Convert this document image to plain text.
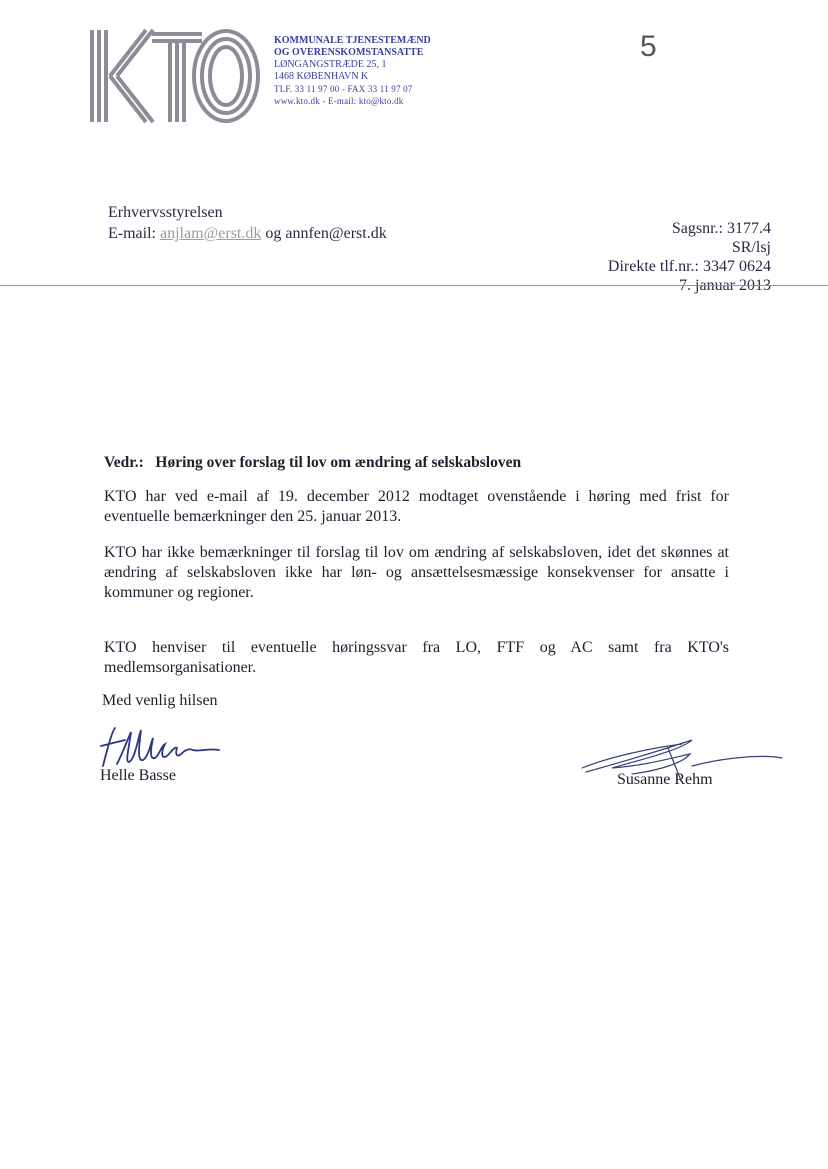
KOMMUNALE TJENESTEMÆND
OG OVERENSKOMSTANSATTE
LØNGANGSTRÆDE 25, 1
1468 KØBENHAVN K
TLF. 33 11 97 00 - FAX 33 11 97 07
www.kto.dk - E-mail: kto@kto.dk
5
Erhvervsstyrelsen
E-mail: anjlam@erst.dk og annfen@erst.dk	Sagsnr.: 3177.4
SR/lsj
Direkte tlf.nr.: 3347 0624
7. januar 2013
Vedr.: Høring over forslag til lov om ændring af selskabsloven
KTO har ved e-mail af 19. december 2012 modtaget ovenstående i høring med frist for eventuelle bemærkninger den 25. januar 2013.
KTO har ikke bemærkninger til forslag til lov om ændring af selskabsloven, idet det skønnes at ændring af selskabsloven ikke har løn- og ansættelsesmæssige konsekvenser for ansatte i kommuner og regioner.
KTO henviser til eventuelle høringssvar fra LO, FTF og AC samt fra KTO's medlemsorganisationer.
Med venlig hilsen
Helle Basse	Susanne Rehm
